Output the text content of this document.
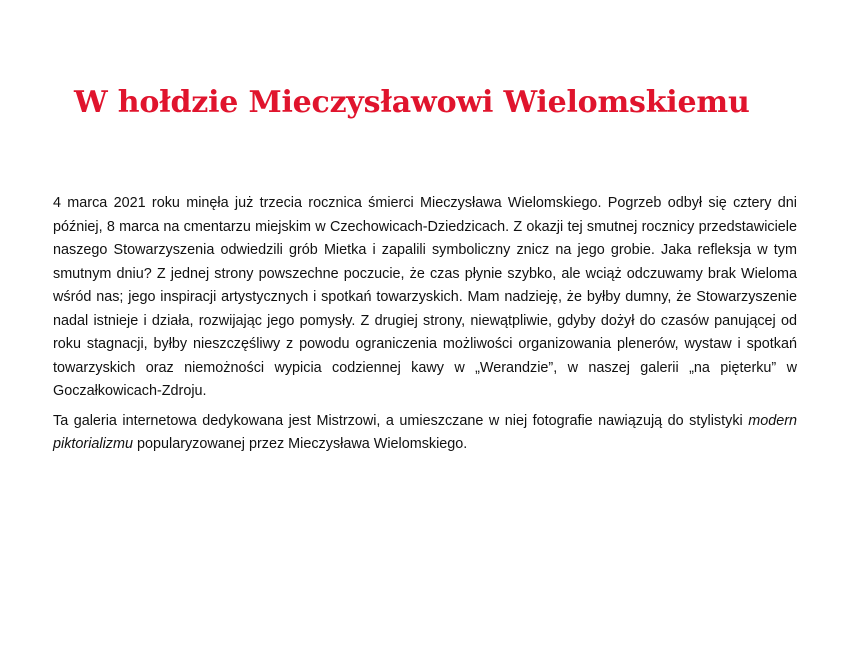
W hołdzie Mieczysławowi Wielomskiemu

4 marca 2021 roku minęła już trzecia rocznica śmierci Mieczysława Wielomskiego. Pogrzeb odbył się cztery dni później, 8 marca na cmentarzu miejskim w Czechowicach-Dziedzicach. Z okazji tej smutnej rocznicy przedstawiciele naszego Stowarzyszenia odwiedzili grób Mietka i zapalili symboliczny znicz na jego grobie. Jaka refleksja w tym smutnym dniu? Z jednej strony powszechne poczucie, że czas płynie szybko, ale wciąż odczuwamy brak Wieloma wśród nas; jego inspiracji artystycznych i spotkań towarzyskich. Mam nadzieję, że byłby dumny, że Stowarzyszenie nadal istnieje i działa, rozwijając jego pomysły. Z drugiej strony, niewątpliwie, gdyby dożył do czasów panującej od roku stagnacji, byłby nieszczęśliwy z powodu ograniczenia możliwości organizowania plenerów, wystaw i spotkań towarzyskich oraz niemożności wypicia codziennej kawy w „Werandzie”, w naszej galerii „na pięterku” w Goczałkowicach-Zdroju.

Ta galeria internetowa dedykowana jest Mistrzowi, a umieszczane w niej fotografie nawiązują do stylistyki modern piktorializmu popularyzowanej przez Mieczysława Wielomskiego.
